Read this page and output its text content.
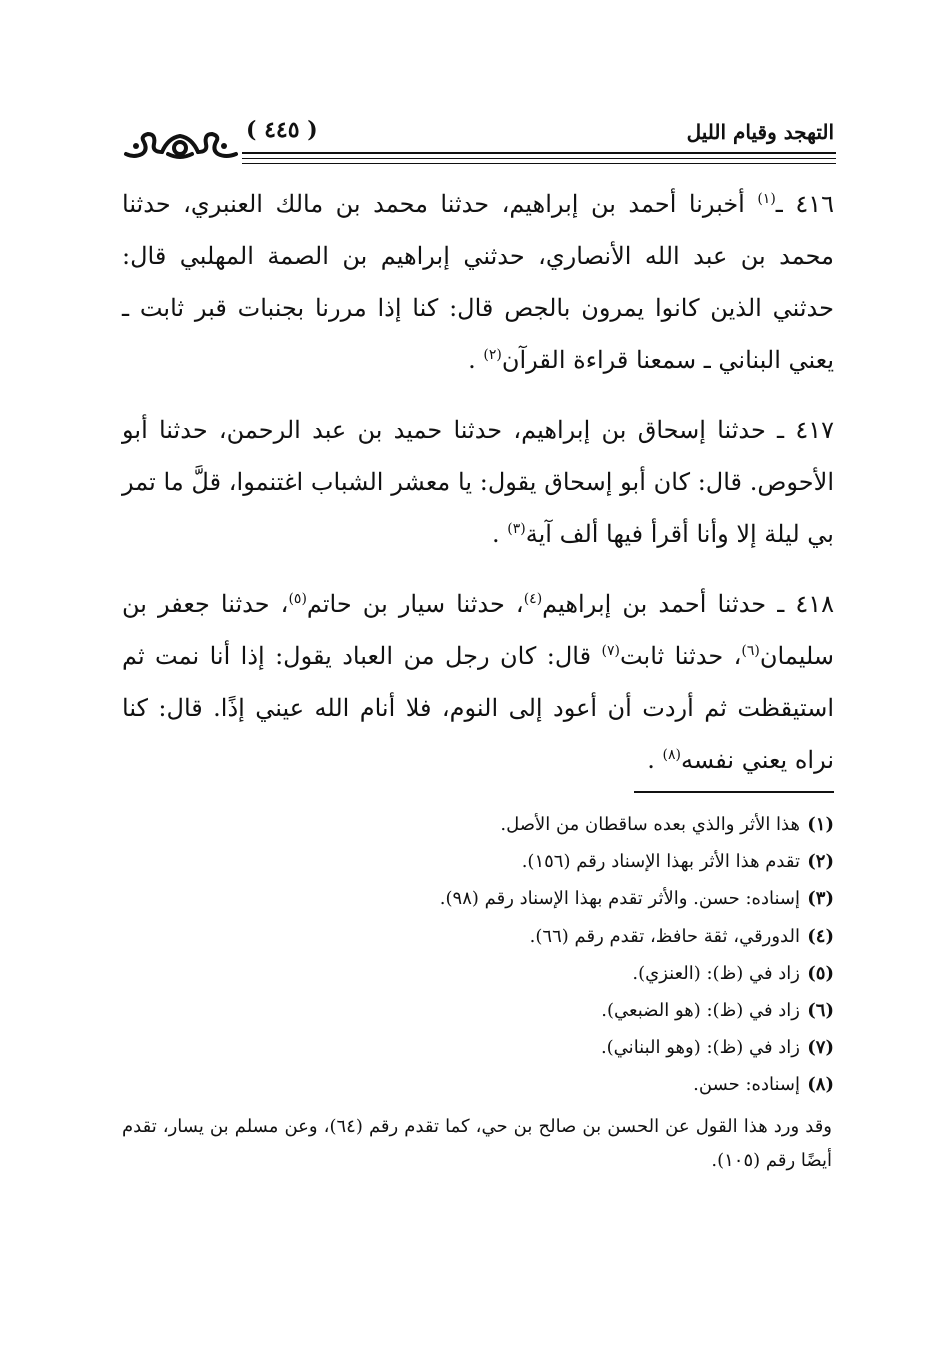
التهجد وقيام الليل
( ٤٤٥ )

٤١٦ ـ$^{(١)}$ أخبرنا أحمد بن إبراهيم، حدثنا محمد بن مالك العنبري، حدثنا محمد بن عبد الله الأنصاري، حدثني إبراهيم بن الصمة المهلبي قال: حدثني الذين كانوا يمرون بالجص قال: كنا إذا مررنا بجنبات قبر ثابت ـ يعني البناني ـ سمعنا قراءة القرآن$^{(٢)}$ .

٤١٧ ـ حدثنا إسحاق بن إبراهيم، حدثنا حميد بن عبد الرحمن، حدثنا أبو الأحوص. قال: كان أبو إسحاق يقول: يا معشر الشباب اغتنموا، قلَّ ما تمر بي ليلة إلا وأنا أقرأ فيها ألف آية$^{(٣)}$ .

٤١٨ ـ حدثنا أحمد بن إبراهيم$^{(٤)}$، حدثنا سيار بن حاتم$^{(٥)}$، حدثنا جعفر بن سليمان$^{(٦)}$، حدثنا ثابت$^{(٧)}$ قال: كان رجل من العباد يقول: إذا أنا نمت ثم استيقظت ثم أردت أن أعود إلى النوم، فلا أنام الله عيني إذًا. قال: كنا نراه يعني نفسه$^{(٨)}$ .

(١)
هذا الأثر والذي بعده ساقطان من الأصل.
(٢)
تقدم هذا الأثر بهذا الإسناد رقم (١٥٦).
(٣)
إسناده: حسن. والأثر تقدم بهذا الإسناد رقم (٩٨).
(٤)
الدورقي، ثقة حافظ، تقدم رقم (٦٦).
(٥)
زاد في (ظ): (العنزي).
(٦)
زاد في (ظ): (هو الضبعي).
(٧)
زاد في (ظ): (وهو البناني).
(٨)
إسناده: حسن.
وقد ورد هذا القول عن الحسن بن صالح بن حي، كما تقدم رقم (٦٤)، وعن مسلم بن يسار، تقدم أيضًا رقم (١٠٥).
